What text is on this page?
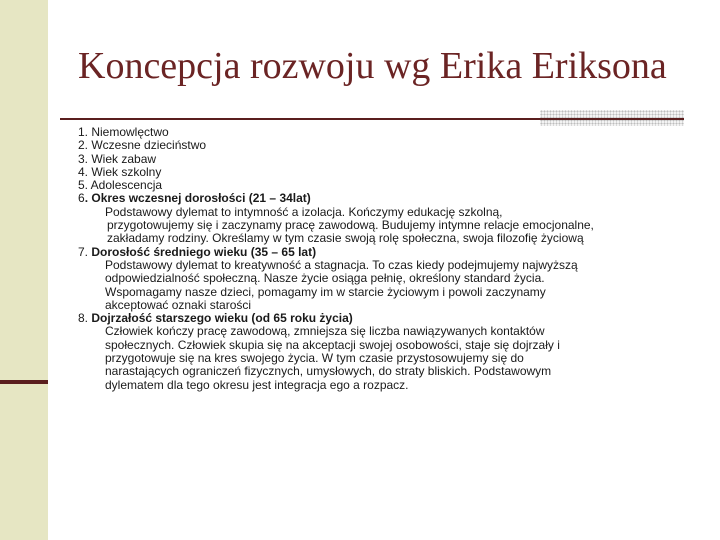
Koncepcja rozwoju wg Erika Eriksona
1. Niemowlęctwo
2. Wczesne dzieciństwo
3. Wiek zabaw
4. Wiek szkolny
5. Adolescencja
6. Okres wczesnej dorosłości (21 – 34lat)
Podstawowy dylemat to intymność a izolacja. Kończymy edukację szkolną,
przygotowujemy się i zaczynamy pracę zawodową. Budujemy intymne relacje emocjonalne,
zakładamy rodziny. Określamy w tym czasie swoją rolę społeczna, swoja filozofię życiową
7. Dorosłość średniego wieku (35 – 65 lat)
Podstawowy dylemat to kreatywność a stagnacja. To czas kiedy podejmujemy najwyższą
odpowiedzialność społeczną. Nasze życie osiąga pełnię, określony standard życia.
Wspomagamy nasze dzieci, pomagamy im w starcie życiowym i powoli zaczynamy
akceptować oznaki starości
8. Dojrzałość starszego wieku (od 65 roku życia)
Człowiek kończy pracę zawodową, zmniejsza się liczba nawiązywanych kontaktów
społecznych. Człowiek skupia się na akceptacji swojej osobowości, staje się dojrzały i
przygotowuje się na kres swojego życia. W tym czasie przystosowujemy się do
narastających ograniczeń fizycznych, umysłowych, do straty bliskich. Podstawowym
dylematem dla tego okresu jest integracja ego a rozpacz.
